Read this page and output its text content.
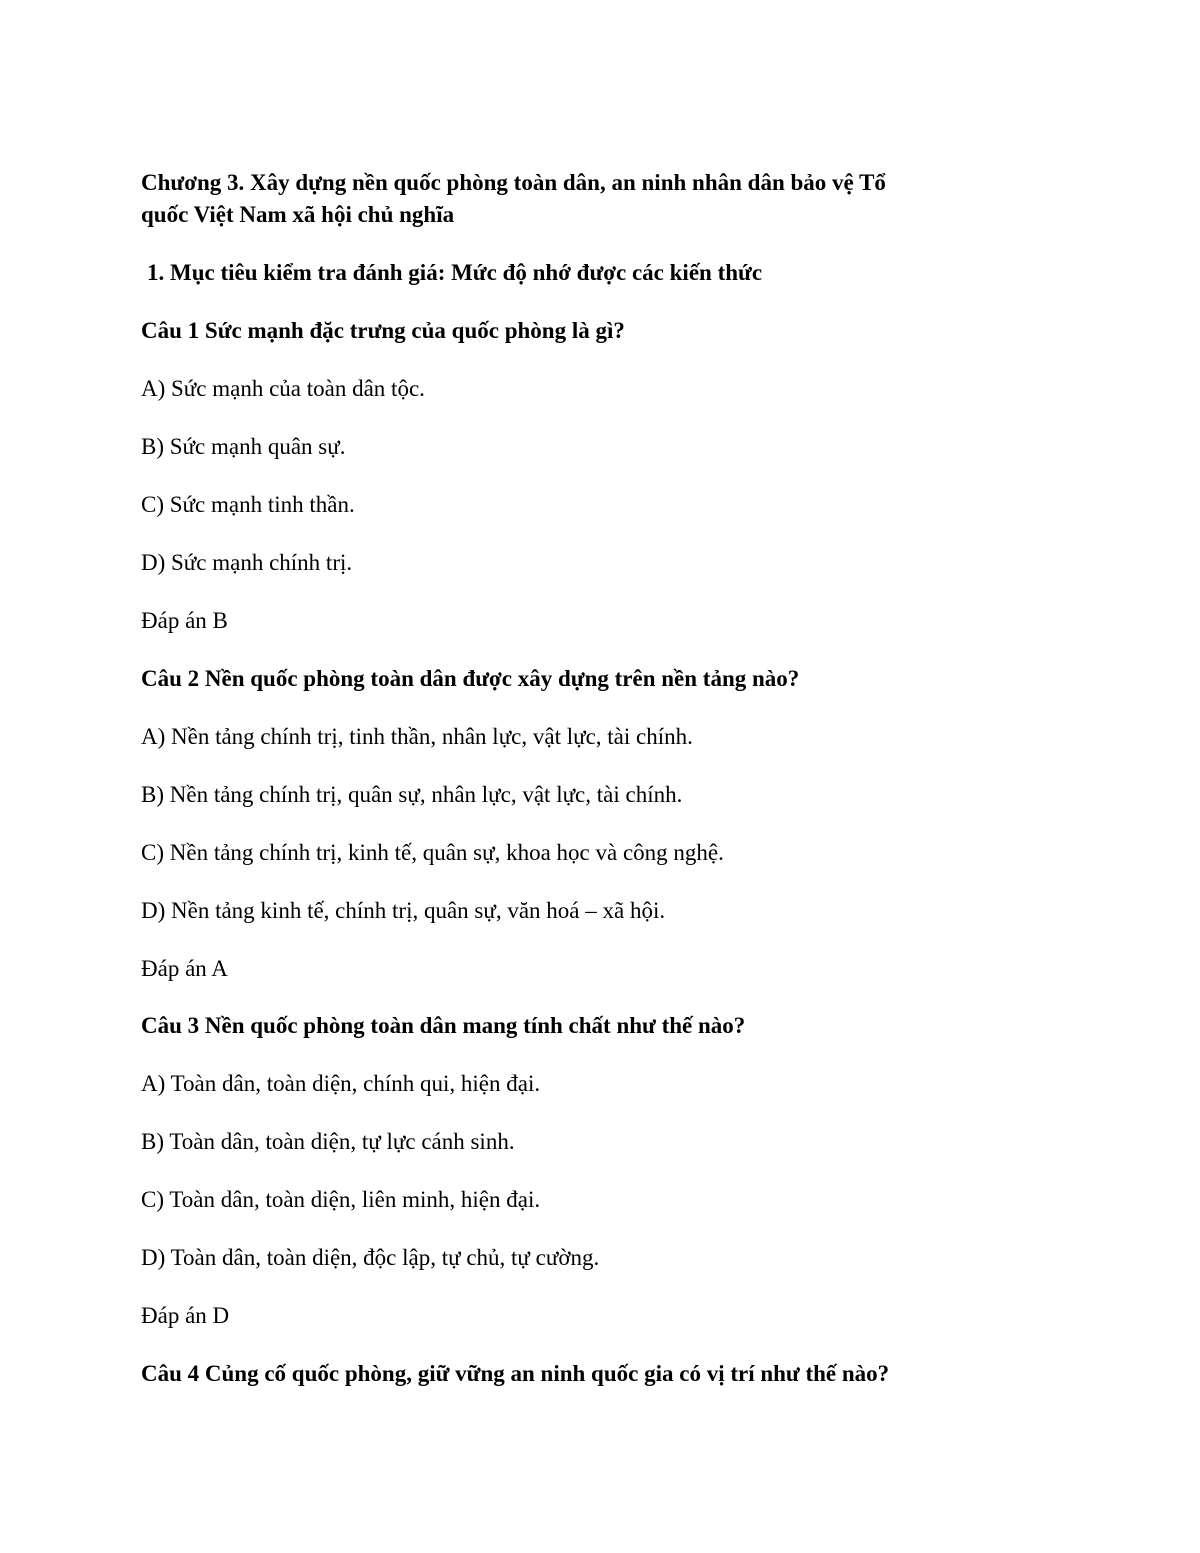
Chương 3. Xây dựng nền quốc phòng toàn dân, an ninh nhân dân bảo vệ Tổ

quốc Việt Nam xã hội chủ nghĩa

1. Mục tiêu kiểm tra đánh giá: Mức độ nhớ được các kiến thức

Câu 1 Sức mạnh đặc trưng của quốc phòng là gì?
A) Sức mạnh của toàn dân tộc.
B) Sức mạnh quân sự.
C) Sức mạnh tinh thần.
D) Sức mạnh chính trị.
Đáp án B
Câu 2 Nền quốc phòng toàn dân được xây dựng trên nền tảng nào?
A) Nền tảng chính trị, tinh thần, nhân lực, vật lực, tài chính.
B) Nền tảng chính trị, quân sự, nhân lực, vật lực, tài chính.
C) Nền tảng chính trị, kinh tế, quân sự, khoa học và công nghệ.
D) Nền tảng kinh tế, chính trị, quân sự, văn hoá – xã hội.
Đáp án A
Câu 3 Nền quốc phòng toàn dân mang tính chất như thế nào?
A) Toàn dân, toàn diện, chính qui, hiện đại.
B) Toàn dân, toàn diện, tự lực cánh sinh.
C) Toàn dân, toàn diện, liên minh, hiện đại.
D) Toàn dân, toàn diện, độc lập, tự chủ, tự cường.
Đáp án D
Câu 4 Củng cố quốc phòng, giữ vững an ninh quốc gia có vị trí như thế nào?
